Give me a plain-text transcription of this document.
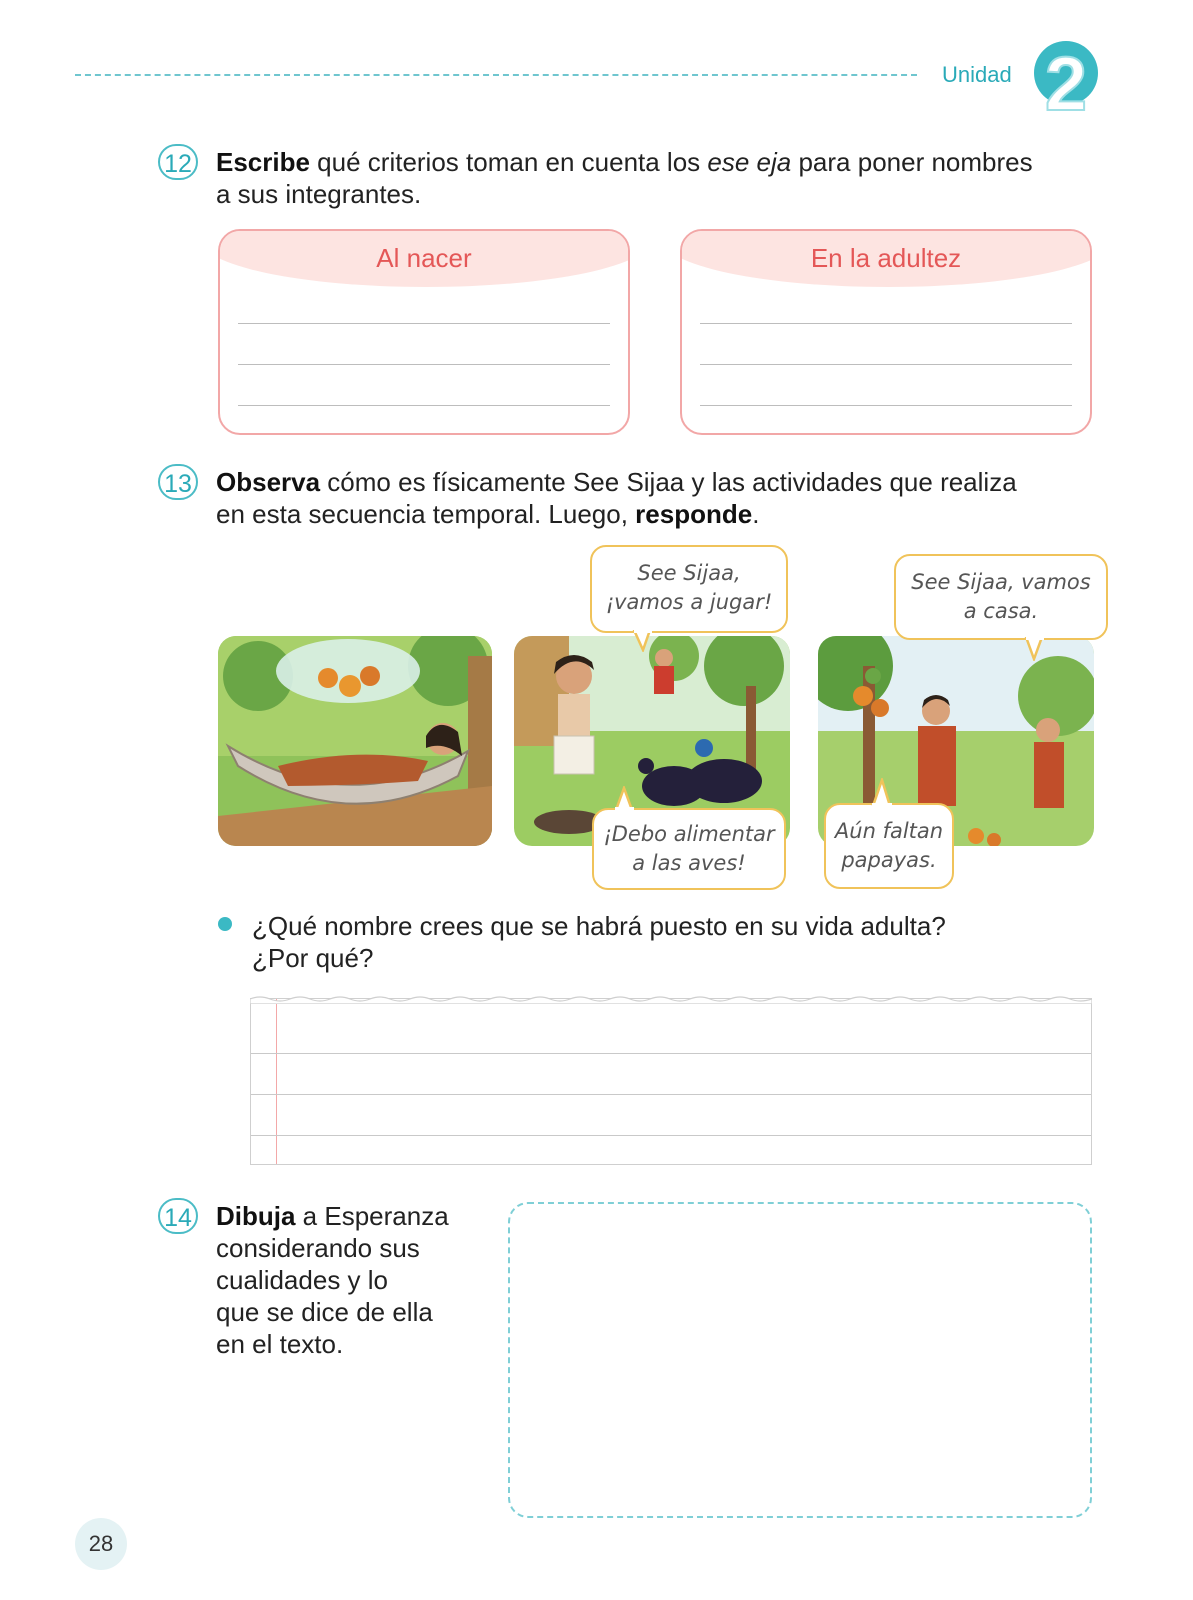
Unidad 2
12 Escribe qué criterios toman en cuenta los ese eja para poner nombres a sus integrantes.
Al nacer	En la adultez
13 Observa cómo es físicamente See Sijaa y las actividades que realiza en esta secuencia temporal. Luego, responde.
See Sijaa,
¡vamos a jugar!
See Sijaa, vamos
a casa.
¡Debo alimentar
a las aves!
Aún faltan
papayas.
¿Qué nombre crees que se habrá puesto en su vida adulta?
¿Por qué?
14 Dibuja a Esperanza
considerando sus
cualidades y lo
que se dice de ella
en el texto.
28
